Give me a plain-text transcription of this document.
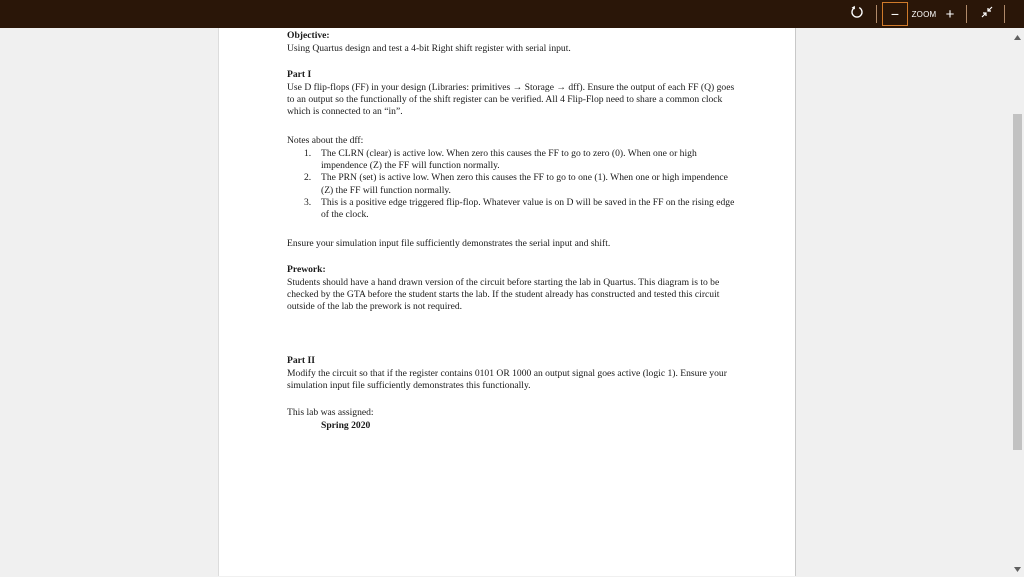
− ZOOM +
Objective:
Using Quartus design and test a 4-bit Right shift register with serial input.
Part I
Use D flip-flops (FF) in your design (Libraries: primitives → Storage → dff). Ensure the output of each FF (Q) goes to an output so the functionally of the shift register can be verified. All 4 Flip-Flop need to share a common clock which is connected to an “in”.
Notes about the dff:
1. The CLRN (clear) is active low. When zero this causes the FF to go to zero (0). When one or high impendence (Z) the FF will function normally.
2. The PRN (set) is active low. When zero this causes the FF to go to one (1). When one or high impendence (Z) the FF will function normally.
3. This is a positive edge triggered flip-flop. Whatever value is on D will be saved in the FF on the rising edge of the clock.
Ensure your simulation input file sufficiently demonstrates the serial input and shift.
Prework:
Students should have a hand drawn version of the circuit before starting the lab in Quartus. This diagram is to be checked by the GTA before the student starts the lab. If the student already has constructed and tested this circuit outside of the lab the prework is not required.
Part II
Modify the circuit so that if the register contains 0101 OR 1000 an output signal goes active (logic 1). Ensure your simulation input file sufficiently demonstrates this functionally.
This lab was assigned:
Spring 2020
